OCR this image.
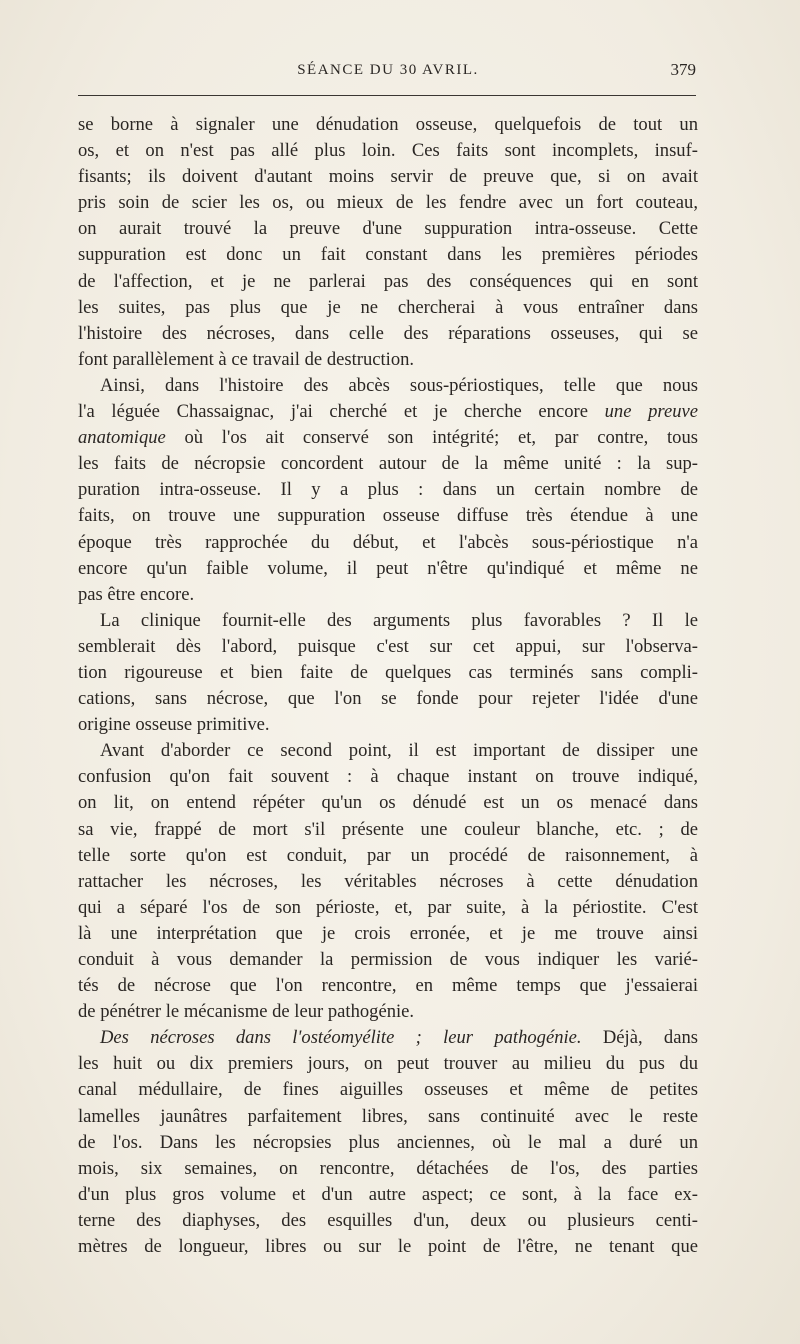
SÉANCE DU 30 AVRIL.	379
se borne à signaler une dénudation osseuse, quelquefois de tout un
os, et on n'est pas allé plus loin. Ces faits sont incomplets, insuf-
fisants; ils doivent d'autant moins servir de preuve que, si on avait
pris soin de scier les os, ou mieux de les fendre avec un fort couteau,
on aurait trouvé la preuve d'une suppuration intra-osseuse. Cette
suppuration est donc un fait constant dans les premières périodes
de l'affection, et je ne parlerai pas des conséquences qui en sont
les suites, pas plus que je ne chercherai à vous entraîner dans
l'histoire des nécroses, dans celle des réparations osseuses, qui se
font parallèlement à ce travail de destruction.
Ainsi, dans l'histoire des abcès sous-périostiques, telle que nous
l'a léguée Chassaignac, j'ai cherché et je cherche encore une preuve
anatomique où l'os ait conservé son intégrité; et, par contre, tous
les faits de nécropsie concordent autour de la même unité : la sup-
puration intra-osseuse. Il y a plus : dans un certain nombre de
faits, on trouve une suppuration osseuse diffuse très étendue à une
époque très rapprochée du début, et l'abcès sous-périostique n'a
encore qu'un faible volume, il peut n'être qu'indiqué et même ne
pas être encore.
La clinique fournit-elle des arguments plus favorables ? Il le
semblerait dès l'abord, puisque c'est sur cet appui, sur l'observa-
tion rigoureuse et bien faite de quelques cas terminés sans compli-
cations, sans nécrose, que l'on se fonde pour rejeter l'idée d'une
origine osseuse primitive.
Avant d'aborder ce second point, il est important de dissiper une
confusion qu'on fait souvent : à chaque instant on trouve indiqué,
on lit, on entend répéter qu'un os dénudé est un os menacé dans
sa vie, frappé de mort s'il présente une couleur blanche, etc. ; de
telle sorte qu'on est conduit, par un procédé de raisonnement, à
rattacher les nécroses, les véritables nécroses à cette dénudation
qui a séparé l'os de son périoste, et, par suite, à la périostite. C'est
là une interprétation que je crois erronée, et je me trouve ainsi
conduit à vous demander la permission de vous indiquer les varié-
tés de nécrose que l'on rencontre, en même temps que j'essaierai
de pénétrer le mécanisme de leur pathogénie.
Des nécroses dans l'ostéomyélite ; leur pathogénie. Déjà, dans
les huit ou dix premiers jours, on peut trouver au milieu du pus du
canal médullaire, de fines aiguilles osseuses et même de petites
lamelles jaunâtres parfaitement libres, sans continuité avec le reste
de l'os. Dans les nécropsies plus anciennes, où le mal a duré un
mois, six semaines, on rencontre, détachées de l'os, des parties
d'un plus gros volume et d'un autre aspect; ce sont, à la face ex-
terne des diaphyses, des esquilles d'un, deux ou plusieurs centi-
mètres de longueur, libres ou sur le point de l'être, ne tenant que
